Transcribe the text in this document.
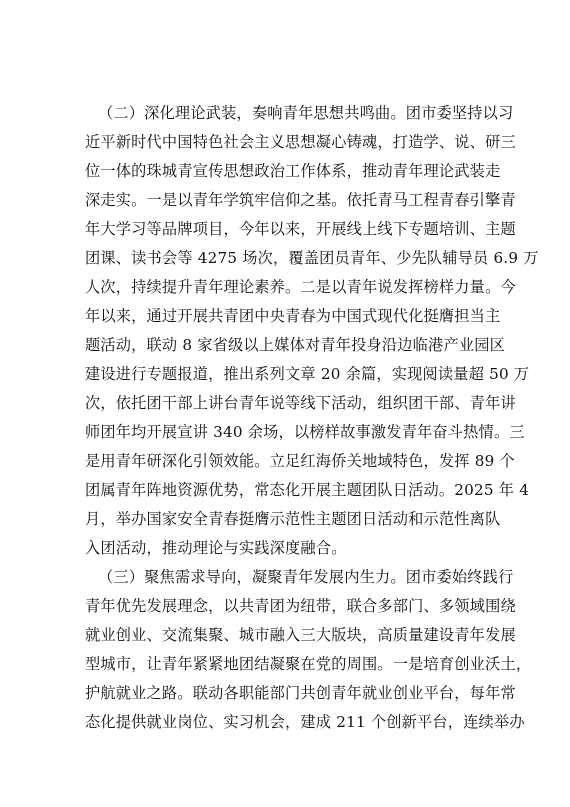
（二）深化理论武装，奏响青年思想共鸣曲。团市委坚持以习
近平新时代中国特色社会主义思想凝心铸魂，打造学、说、研三
位一体的珠城青宣传思想政治工作体系，推动青年理论武装走
深走实。一是以青年学筑牢信仰之基。依托青马工程青春引擎青
年大学习等品牌项目，今年以来，开展线上线下专题培训、主题
团课、读书会等 4275 场次，覆盖团员青年、少先队辅导员 6.9 万
人次，持续提升青年理论素养。二是以青年说发挥榜样力量。今
年以来，通过开展共青团中央青春为中国式现代化挺膺担当主
题活动，联动 8 家省级以上媒体对青年投身沿边临港产业园区
建设进行专题报道，推出系列文章 20 余篇，实现阅读量超 50 万
次，依托团干部上讲台青年说等线下活动，组织团干部、青年讲
师团年均开展宣讲 340 余场，以榜样故事激发青年奋斗热情。三
是用青年研深化引领效能。立足红海侨关地域特色，发挥 89 个
团属青年阵地资源优势，常态化开展主题团队日活动。2025 年 4
月，举办国家安全青春挺膺示范性主题团日活动和示范性离队
入团活动，推动理论与实践深度融合。
（三）聚焦需求导向，凝聚青年发展内生力。团市委始终践行
青年优先发展理念，以共青团为纽带，联合多部门、多领域围绕
就业创业、交流集聚、城市融入三大版块，高质量建设青年发展
型城市，让青年紧紧地团结凝聚在党的周围。一是培育创业沃土，
护航就业之路。联动各职能部门共创青年就业创业平台，每年常
态化提供就业岗位、实习机会，建成 211 个创新平台，连续举办
